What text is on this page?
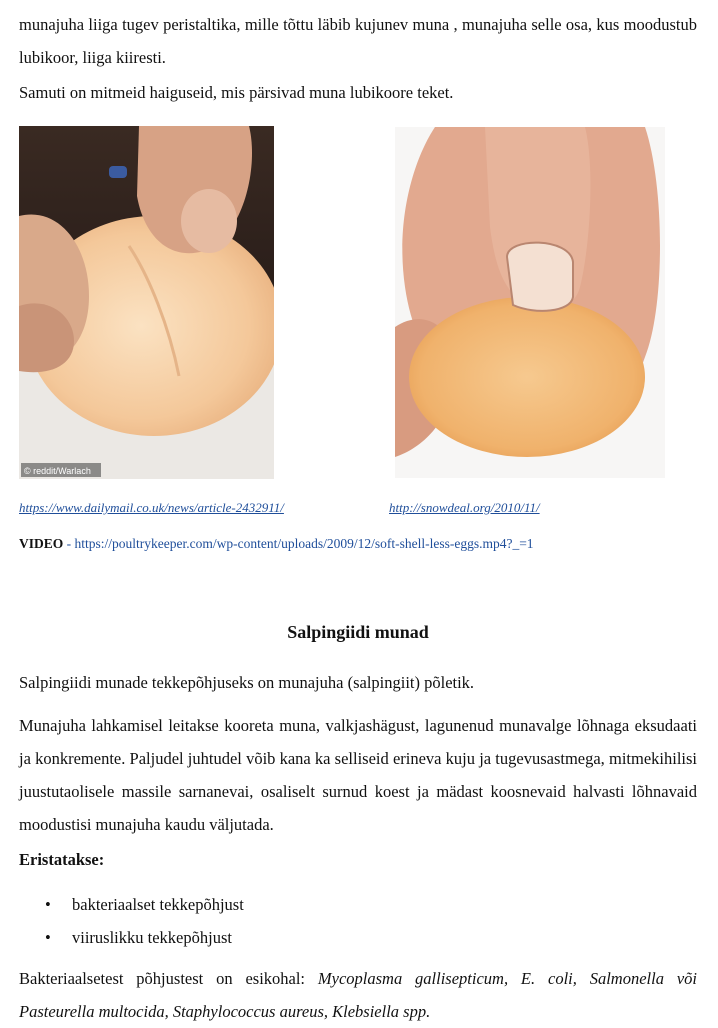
munajuha liiga tugev peristaltika, mille tõttu läbib kujunev muna , munajuha selle osa, kus moodustub lubikoor, liiga kiiresti.

Samuti on mitmeid haiguseid, mis pärsivad muna lubikoore teket.

© reddit/Warlach
https://www.dailymail.co.uk/news/article-2432911/	http://snowdeal.org/2010/11/
VIDEO - https://poultrykeeper.com/wp-content/uploads/2009/12/soft-shell-less-eggs.mp4?_=1
Salpingiidi munad

Salpingiidi munade tekkepõhjuseks on munajuha (salpingiit) põletik.

Munajuha lahkamisel leitakse kooreta muna, valkjashägust, lagunenud munavalge lõhnaga eksudaati ja konkremente. Paljudel juhtudel võib kana ka selliseid erineva kuju ja tugevusastmega, mitmekihilisi juustutaolisele massile sarnanevai, osaliselt surnud koest ja mädast koosnevaid halvasti lõhnavaid moodustisi munajuha kaudu väljutada.

Eristatakse:
• bakteriaalset tekkepõhjust
• viiruslikku tekkepõhjust

Bakteriaalsetest põhjustest on esikohal: Mycoplasma gallisepticum, E. coli, Salmonella või Pasteurella multocida, Staphylococcus aureus, Klebsiella spp.
